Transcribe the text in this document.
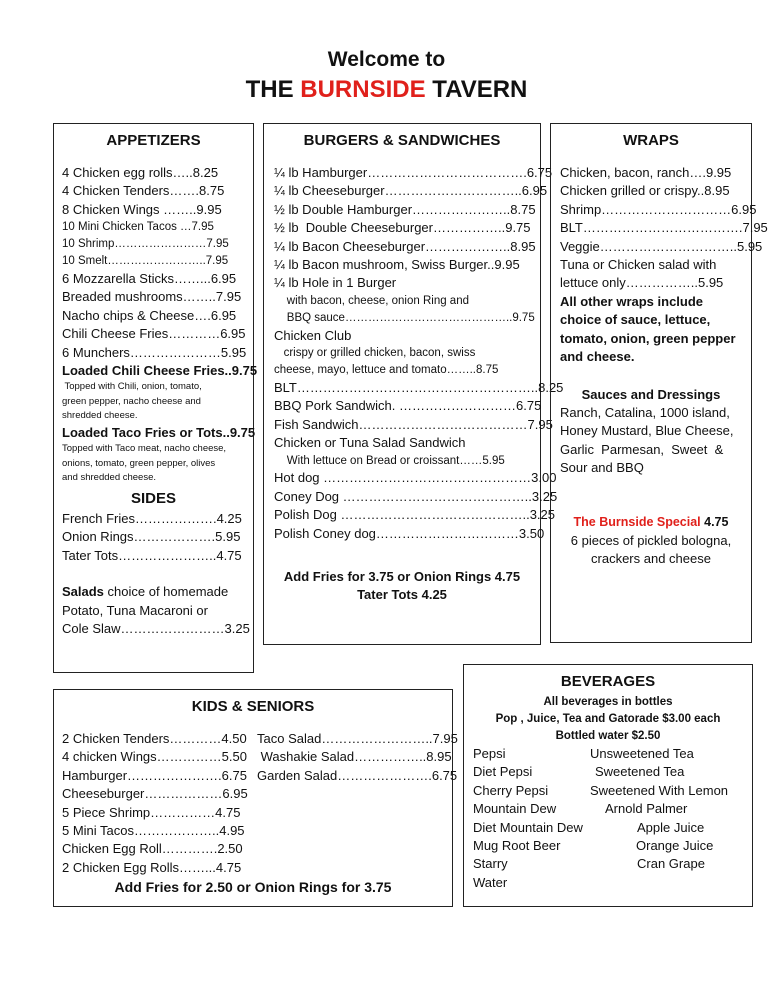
Welcome to
THE BURNSIDE TAVERN
APPETIZERS
4 Chicken egg rolls…..8.25
4 Chicken Tenders…….8.75
8 Chicken Wings ……..9.95
10 Mini Chicken Tacos …7.95
10 Shrimp……………………7.95
10 Smelt……………………..7.95
6 Mozzarella Sticks……...6.95
Breaded mushrooms……..7.95
Nacho chips & Cheese….6.95
Chili Cheese Fries…………6.95
6 Munchers…………………5.95
Loaded Chili Cheese Fries..9.75
Topped with Chili, onion, tomato,
green pepper, nacho cheese and
shredded cheese.
Loaded Taco Fries or Tots..9.75
Topped with Taco meat, nacho cheese,
onions, tomato, green pepper, olives
and shredded cheese.
SIDES
French Fries……………….4.25
Onion Rings……………….5.95
Tater Tots…………………..4.75
Salads choice of homemade
Potato, Tuna Macaroni or
Cole Slaw……………………3.25
BURGERS & SANDWICHES
¼ lb Hamburger……………………………….6.75
¼ lb Cheeseburger…………………………..6.95
½ lb Double Hamburger…………………..8.75
½ lb  Double Cheeseburger……………..9.75
¼ lb Bacon Cheeseburger………………..8.95
¼ lb Bacon mushroom, Swiss Burger..9.95
¼ lb Hole in 1 Burger
with bacon, cheese, onion Ring and
BBQ sauce……………………………………..9.75
Chicken Club
crispy or grilled chicken, bacon, swiss
cheese, mayo, lettuce and tomato……..8.75
BLT………………………………………………..8.25
BBQ Pork Sandwich. ………………………6.75
Fish Sandwich…………………………………7.95
Chicken or Tuna Salad Sandwich
With lettuce on Bread or croissant……5.95
Hot dog …………………………………………3.00
Coney Dog ……………………………………..3.25
Polish Dog ……………………………………..3.25
Polish Coney dog……………………………3.50
Add Fries for 3.75 or Onion Rings 4.75
Tater Tots 4.25
WRAPS
Chicken, bacon, ranch….9.95
Chicken grilled or crispy..8.95
Shrimp…………………………6.95
BLT……………………………….7.95
Veggie…………………………..5.95
Tuna or Chicken salad with
lettuce only……………..5.95
All other wraps include
choice of sauce, lettuce,
tomato, onion, green pepper
and cheese.
Sauces and Dressings
Ranch, Catalina, 1000 island,
Honey Mustard, Blue Cheese,
Garlic  Parmesan,  Sweet  &
Sour and BBQ
The Burnside Special 4.75
6 pieces of pickled bologna,
crackers and cheese
KIDS & SENIORS
2 Chicken Tenders…………4.50
4 chicken Wings……………5.50
Hamburger………………….6.75
Cheeseburger………………6.95
5 Piece Shrimp……………4.75
5 Mini Tacos………………..4.95
Chicken Egg Roll………….2.50
2 Chicken Egg Rolls……...4.75
Taco Salad……………………..7.95
Washakie Salad……………..8.95
Garden Salad………………….6.75
Add Fries for 2.50 or Onion Rings for 3.75
BEVERAGES
All beverages in bottles
Pop , Juice, Tea and Gatorade $3.00 each
Bottled water $2.50
Pepsi
Diet Pepsi
Cherry Pepsi
Mountain Dew
Diet Mountain Dew
Mug Root Beer
Starry
Water
Unsweetened Tea
Sweetened Tea
Sweetened With Lemon
Arnold Palmer
Apple Juice
Orange Juice
Cran Grape
